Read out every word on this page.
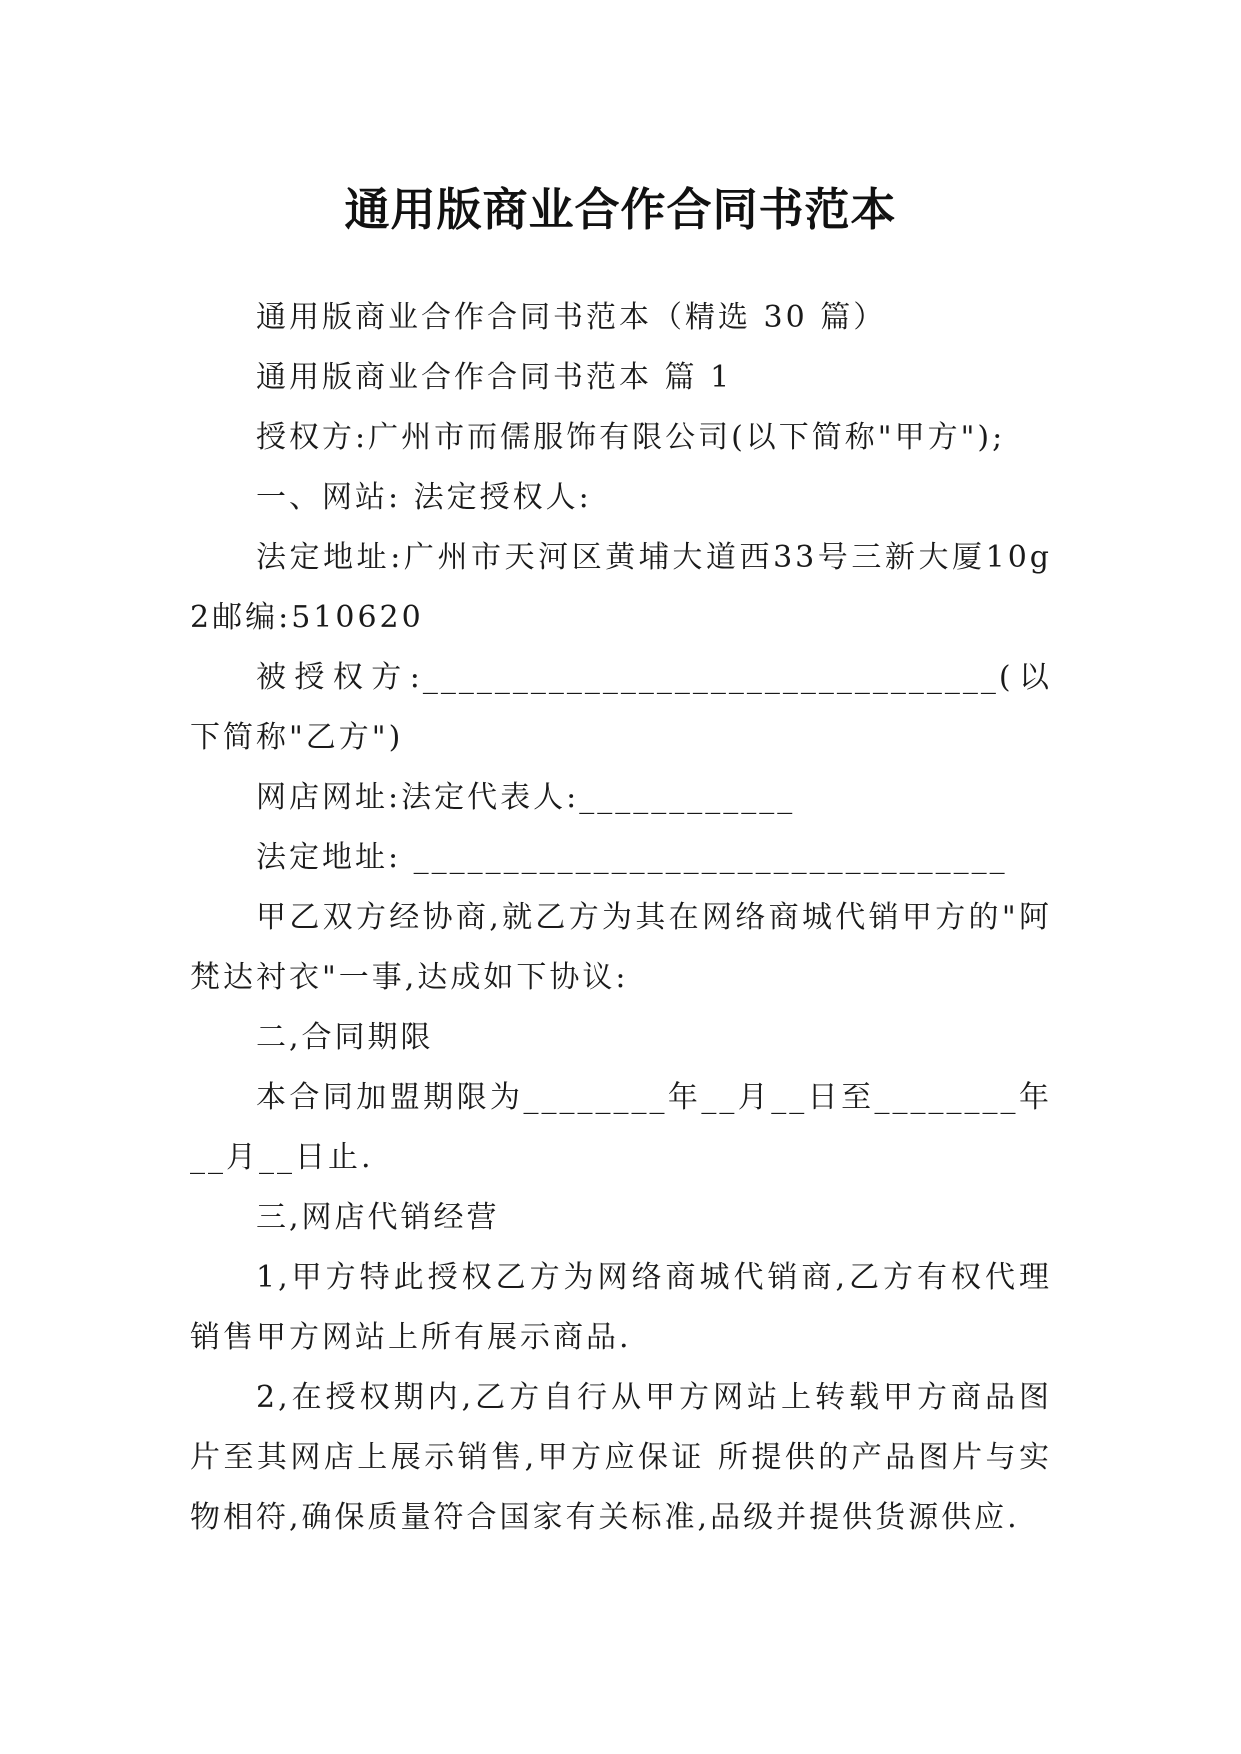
通用版商业合作合同书范本

通用版商业合作合同书范本（精选 30 篇）

通用版商业合作合同书范本 篇 1

授权方:广州市而儒服饰有限公司(以下简称"甲方");

一、网站: 法定授权人:

法定地址:广州市天河区黄埔大道西33号三新大厦10g2邮编:510620

被授权方:________________________________(以下简称"乙方")

网店网址:法定代表人:____________

法定地址: _________________________________

甲乙双方经协商,就乙方为其在网络商城代销甲方的"阿梵达衬衣"一事,达成如下协议:

二,合同期限

本合同加盟期限为________年__月__日至________年__月__日止.

三,网店代销经营

1,甲方特此授权乙方为网络商城代销商,乙方有权代理销售甲方网站上所有展示商品.

2,在授权期内,乙方自行从甲方网站上转载甲方商品图片至其网店上展示销售,甲方应保证 所提供的产品图片与实物相符,确保质量符合国家有关标准,品级并提供货源供应.
